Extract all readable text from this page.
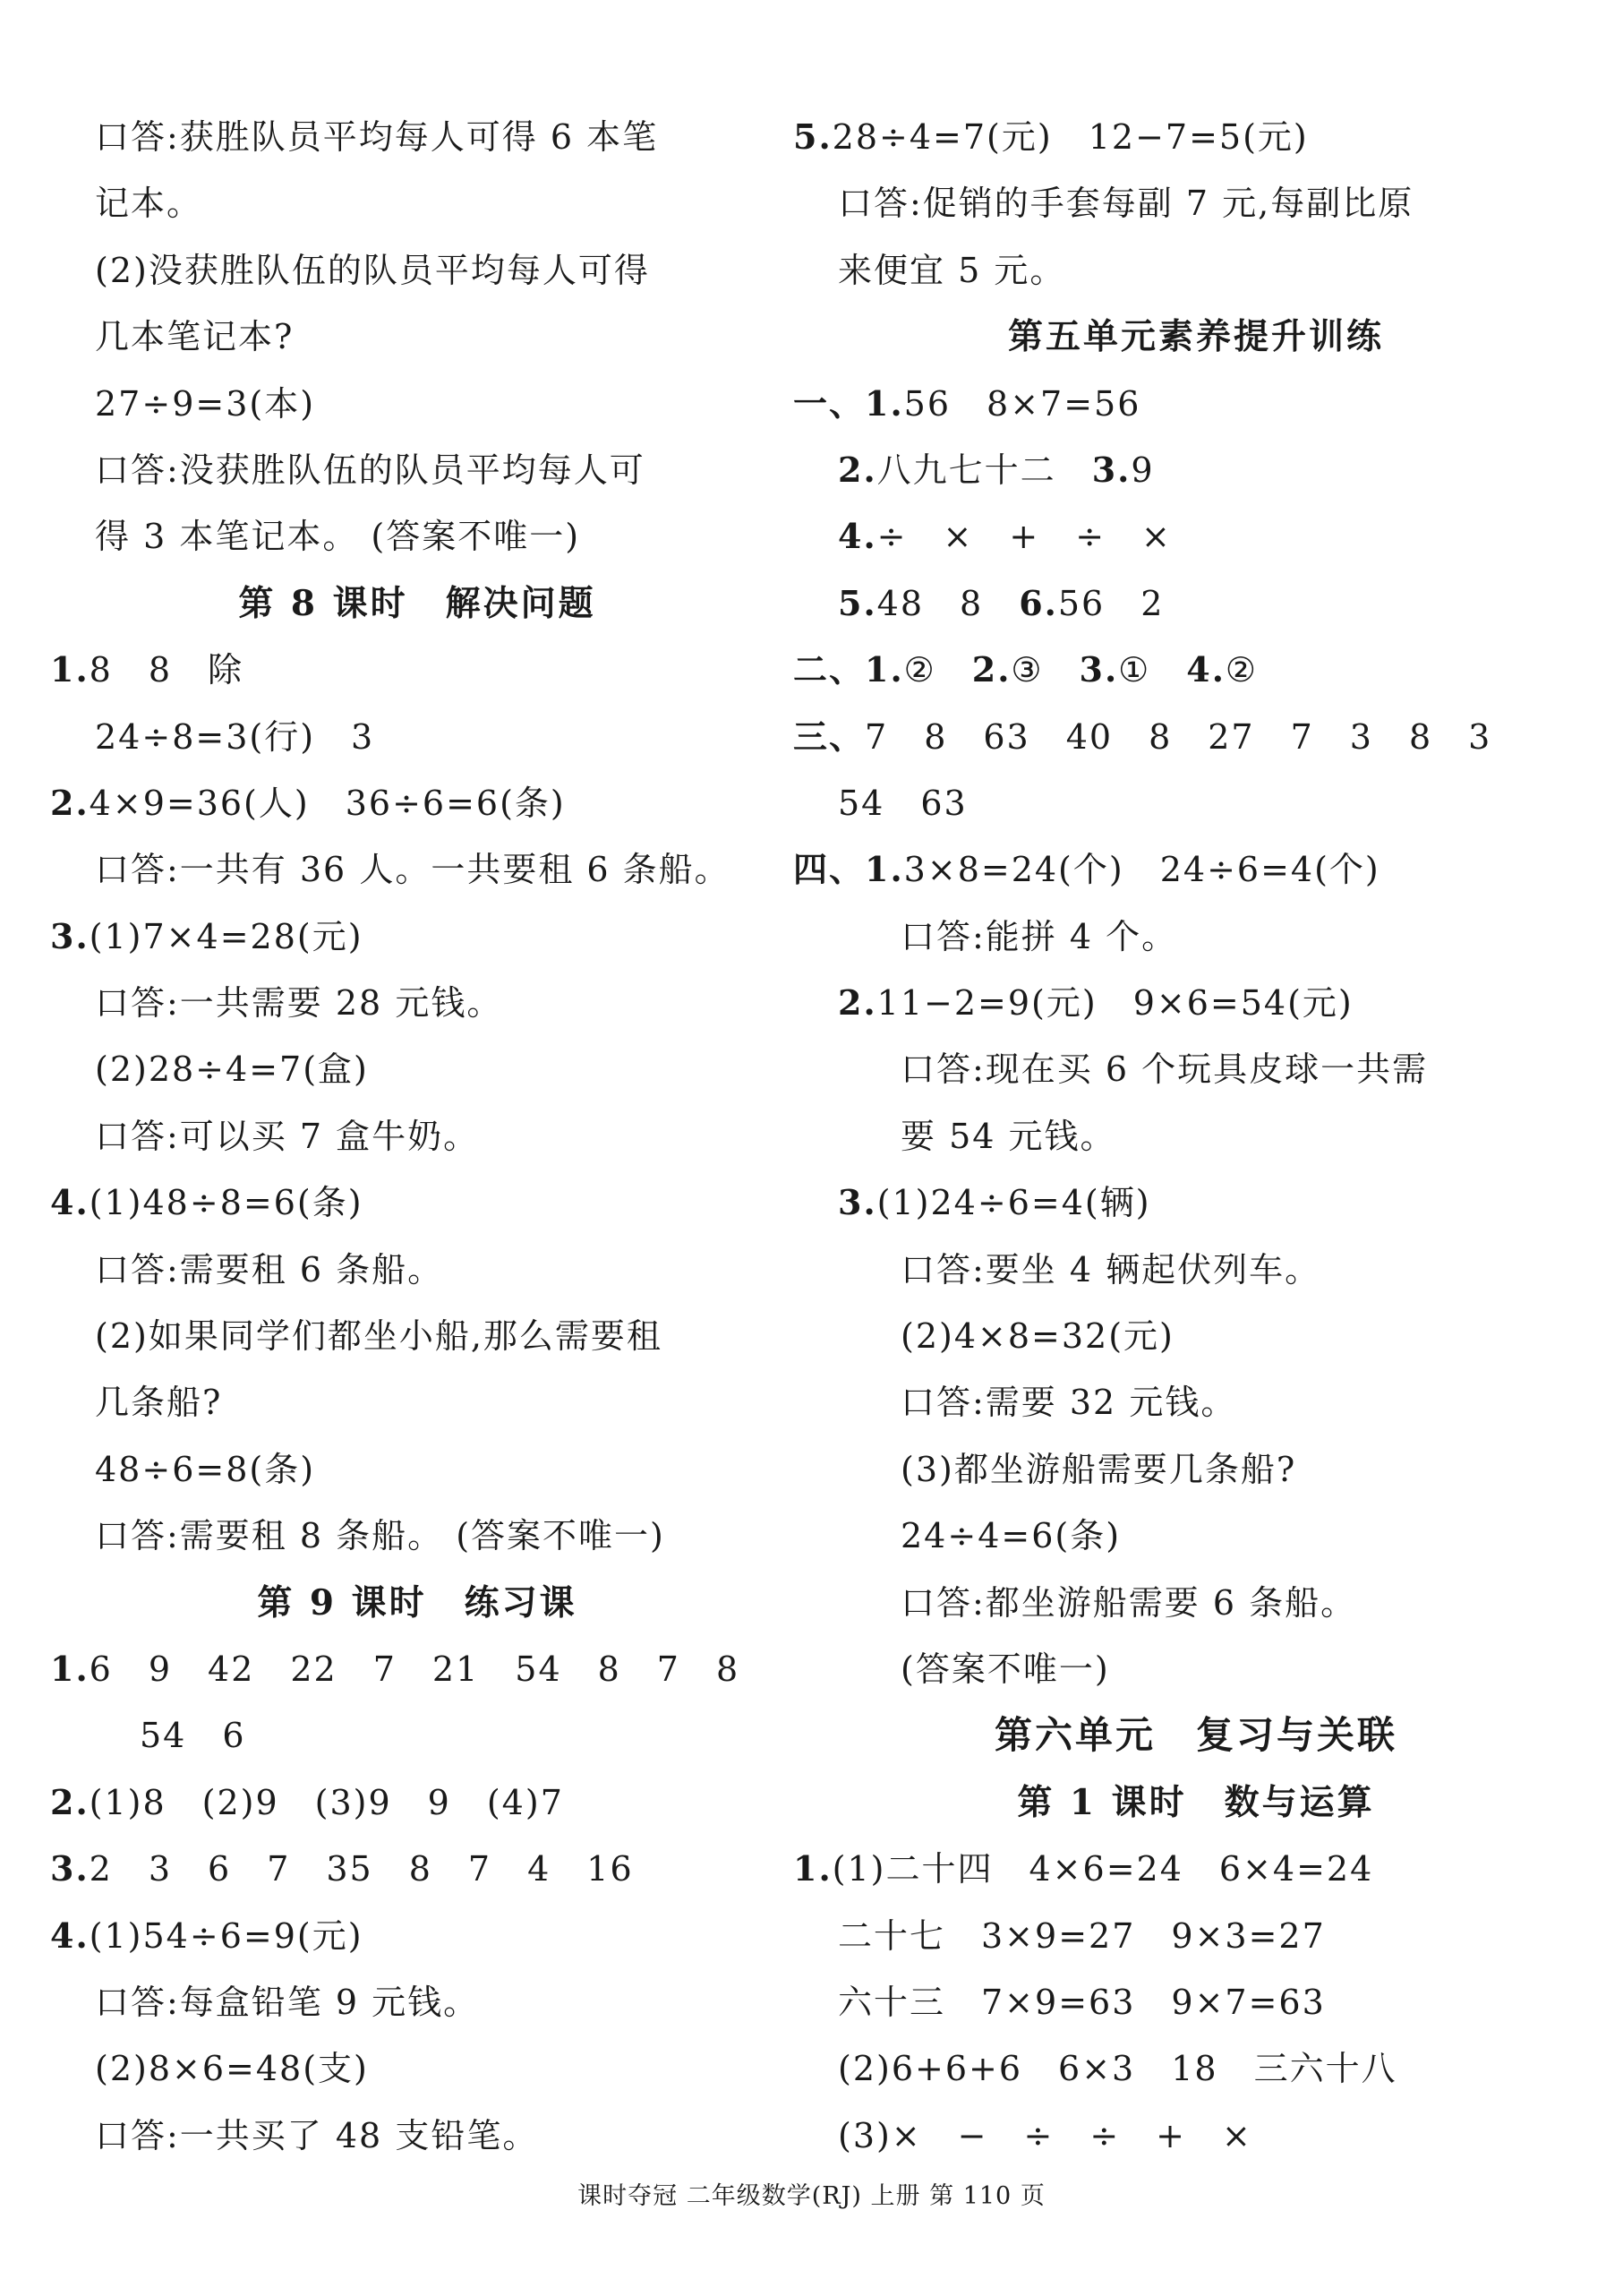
口答:获胜队员平均每人可得 6 本笔
记本。
(2)没获胜队伍的队员平均每人可得
几本笔记本?
27÷9=3(本)
口答:没获胜队伍的队员平均每人可
得 3 本笔记本。 (答案不唯一)
第 8 课时　解决问题
1.8　8　除
24÷8=3(行)　3
2.4×9=36(人)　36÷6=6(条)
口答:一共有 36 人。一共要租 6 条船。
3.(1)7×4=28(元)
口答:一共需要 28 元钱。
(2)28÷4=7(盒)
口答:可以买 7 盒牛奶。
4.(1)48÷8=6(条)
口答:需要租 6 条船。
(2)如果同学们都坐小船,那么需要租
几条船?
48÷6=8(条)
口答:需要租 8 条船。 (答案不唯一)
第 9 课时　练习课
1.6　9　42　22　7　21　54　8　7　8
54　6
2.(1)8　(2)9　(3)9　9　(4)7
3.2　3　6　7　35　8　7　4　16
4.(1)54÷6=9(元)
口答:每盒铅笔 9 元钱。
(2)8×6=48(支)
口答:一共买了 48 支铅笔。
5.28÷4=7(元)　12−7=5(元)
口答:促销的手套每副 7 元,每副比原
来便宜 5 元。
第五单元素养提升训练
一、1.56　8×7=56
2.八九七十二　3.9
4.÷　×　+　÷　×
5.48　8　6.56　2
二、1.②　2.③　3.①　4.②
三、7　8　63　40　8　27　7　3　8　3
54　63
四、1.3×8=24(个)　24÷6=4(个)
口答:能拼 4 个。
2.11−2=9(元)　9×6=54(元)
口答:现在买 6 个玩具皮球一共需
要 54 元钱。
3.(1)24÷6=4(辆)
口答:要坐 4 辆起伏列车。
(2)4×8=32(元)
口答:需要 32 元钱。
(3)都坐游船需要几条船?
24÷4=6(条)
口答:都坐游船需要 6 条船。
(答案不唯一)
第六单元　复习与关联
第 1 课时　数与运算
1.(1)二十四　4×6=24　6×4=24
二十七　3×9=27　9×3=27
六十三　7×9=63　9×7=63
(2)6+6+6　6×3　18　三六十八
(3)×　−　÷　÷　+　×
课时夺冠 二年级数学(RJ) 上册 第 110 页
